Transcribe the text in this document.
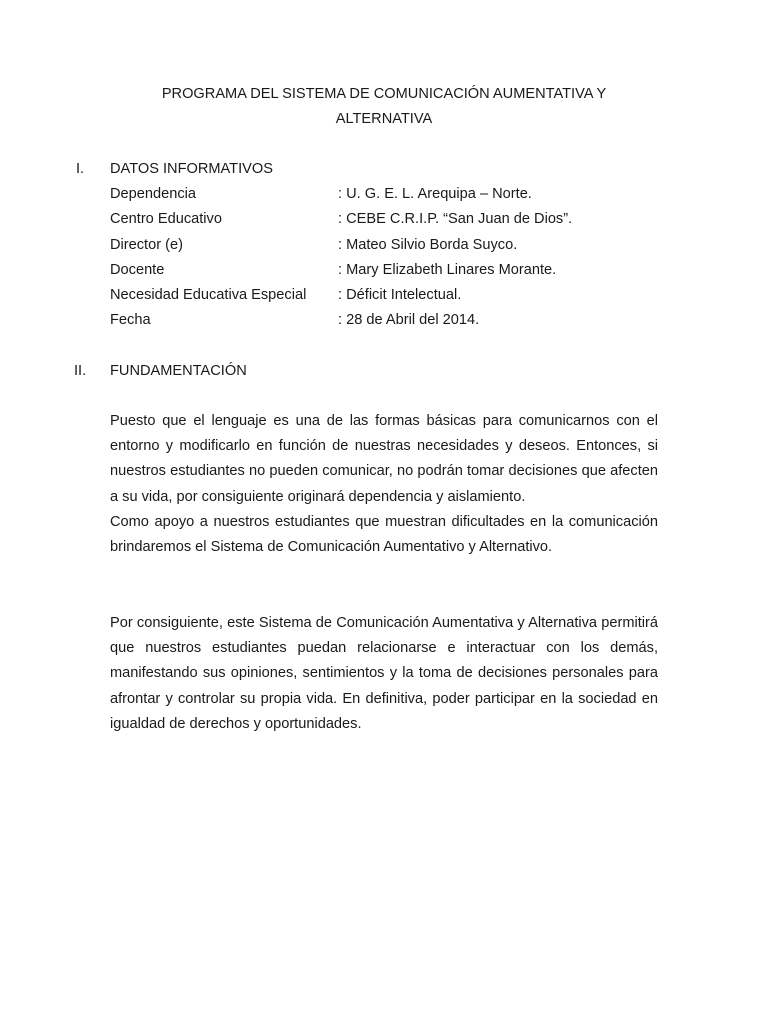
PROGRAMA DEL SISTEMA DE COMUNICACIÓN AUMENTATIVA Y
ALTERNATIVA
I. DATOS INFORMATIVOS
Dependencia	: U. G. E. L. Arequipa – Norte.
Centro Educativo	: CEBE C.R.I.P. “San Juan de Dios”.
Director (e)	: Mateo Silvio Borda Suyco.
Docente	: Mary Elizabeth Linares Morante.
Necesidad Educativa Especial : Déficit Intelectual.
Fecha	: 28 de Abril del 2014.
II. FUNDAMENTACIÓN

Puesto que el lenguaje es una de las formas básicas para comunicarnos con el entorno y modificarlo en función de nuestras necesidades y deseos. Entonces, si nuestros estudiantes no pueden comunicar, no podrán tomar decisiones que afecten a su vida, por consiguiente originará dependencia y aislamiento.

Como apoyo a nuestros estudiantes que muestran dificultades en la comunicación brindaremos el Sistema de Comunicación Aumentativo y Alternativo.

Por consiguiente, este Sistema de Comunicación Aumentativa y Alternativa permitirá que nuestros estudiantes puedan relacionarse e interactuar con los demás, manifestando sus opiniones, sentimientos y la toma de decisiones personales para afrontar y controlar su propia vida. En definitiva, poder participar en la sociedad en igualdad de derechos y oportunidades.
